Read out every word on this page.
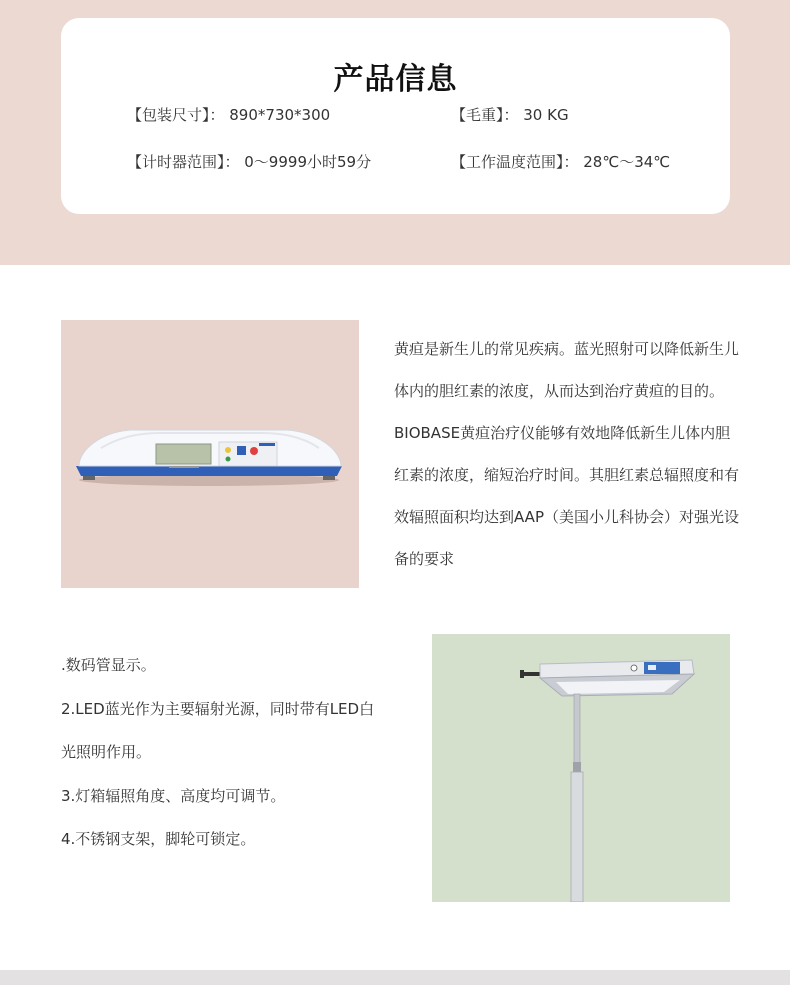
产品信息
【包装尺寸】： 890*730*300	【毛重】： 30 KG
【计时器范围】： 0～9999小时59分	【工作温度范围】： 28℃～34℃
黄疸是新生儿的常见疾病。蓝光照射可以降低新生儿体内的胆红素的浓度，从而达到治疗黄疸的目的。BIOBASE黄疸治疗仪能够有效地降低新生儿体内胆红素的浓度，缩短治疗时间。其胆红素总辐照度和有效辐照面积均达到AAP（美国小儿科协会）对强光设备的要求
.数码管显示。
2.LED蓝光作为主要辐射光源，同时带有LED白
光照明作用。
3.灯箱辐照角度、高度均可调节。
4.不锈钢支架，脚轮可锁定。
